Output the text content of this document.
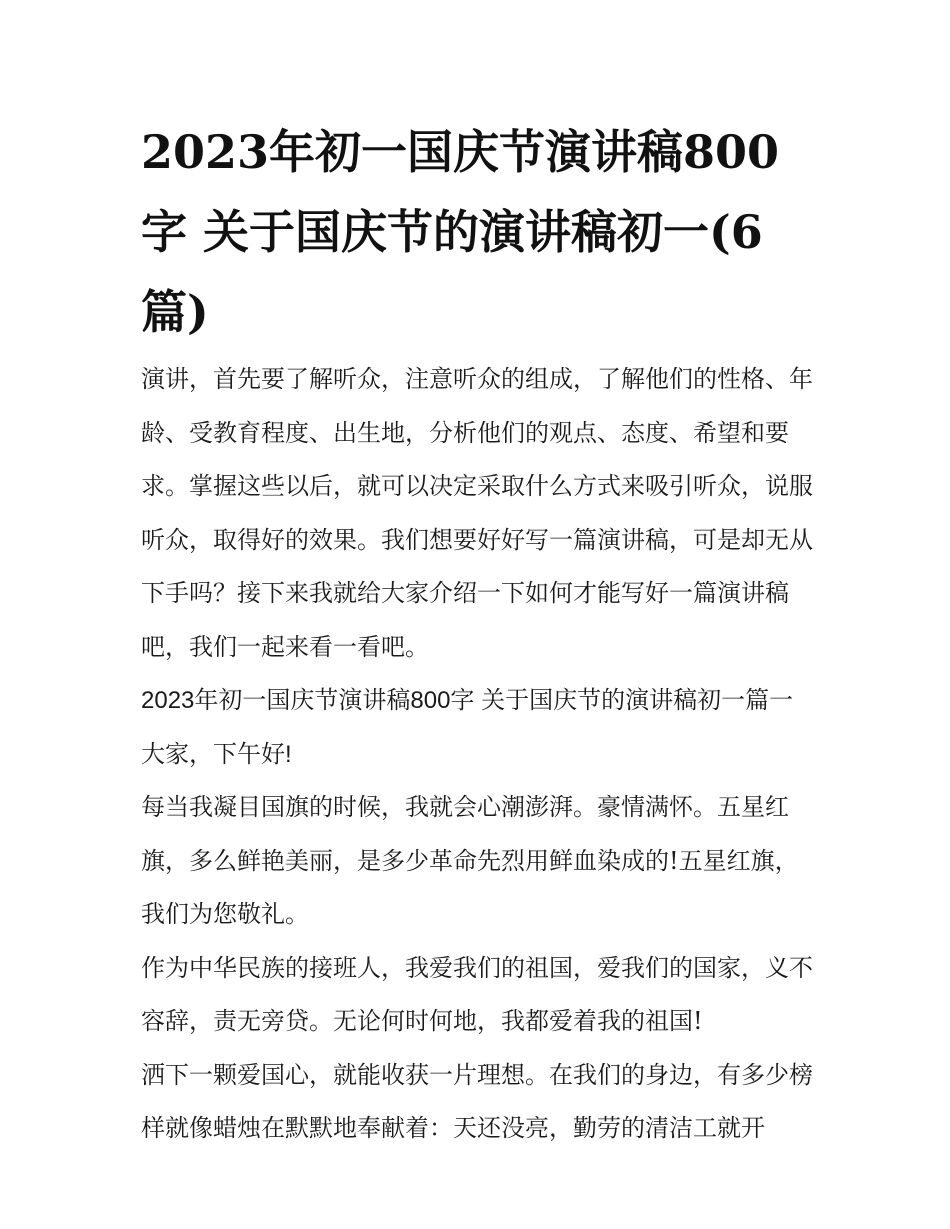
2023年初一国庆节演讲稿800字 关于国庆节的演讲稿初一(6篇)

演讲，首先要了解听众，注意听众的组成，了解他们的性格、年龄、受教育程度、出生地，分析他们的观点、态度、希望和要求。掌握这些以后，就可以决定采取什么方式来吸引听众，说服听众，取得好的效果。我们想要好好写一篇演讲稿，可是却无从下手吗？接下来我就给大家介绍一下如何才能写好一篇演讲稿吧，我们一起来看一看吧。

2023年初一国庆节演讲稿800字 关于国庆节的演讲稿初一篇一 大家，下午好!

每当我凝目国旗的时候，我就会心潮澎湃。豪情满怀。五星红旗，多么鲜艳美丽，是多少革命先烈用鲜血染成的!五星红旗，我们为您敬礼。

作为中华民族的接班人，我爱我们的祖国，爱我们的国家，义不容辞，责无旁贷。无论何时何地，我都爱着我的祖国!

洒下一颗爱国心，就能收获一片理想。在我们的身边，有多少榜样就像蜡烛在默默地奉献着：天还没亮，勤劳的清洁工就开
